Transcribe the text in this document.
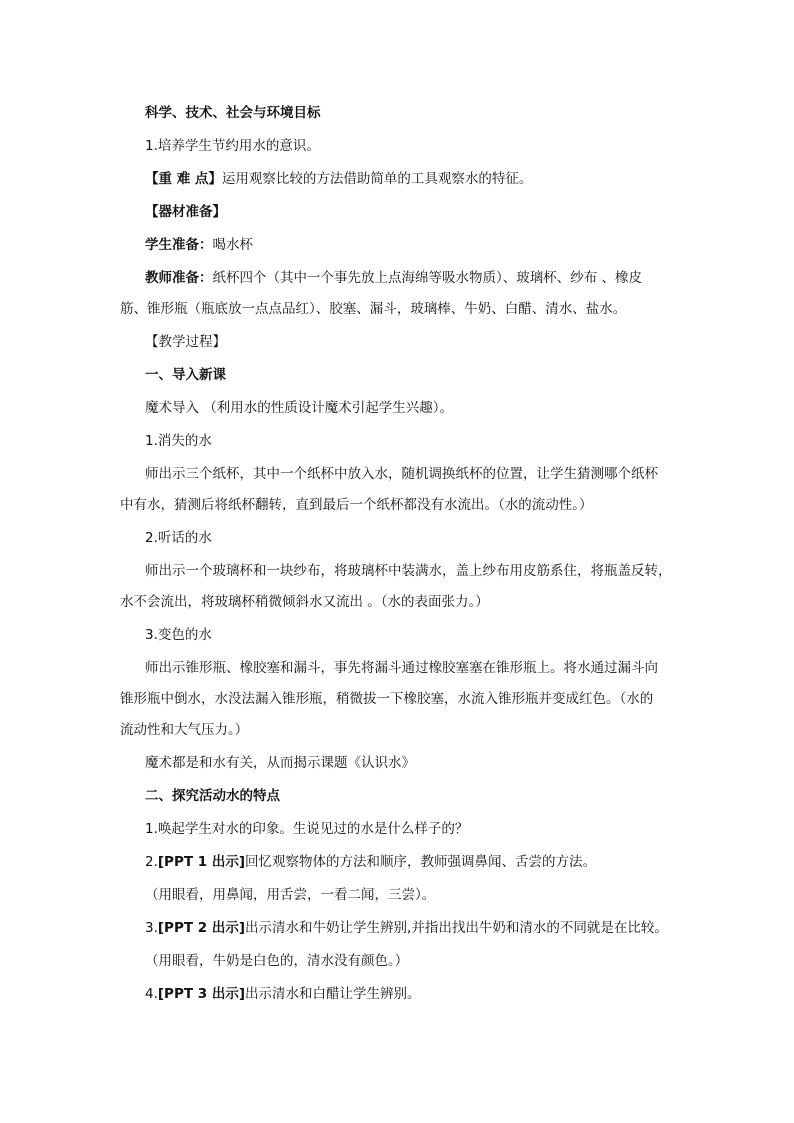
科学、技术、社会与环境目标
1.培养学生节约用水的意识。
【重 难 点】运用观察比较的方法借助简单的工具观察水的特征。
【器材准备】
学生准备：喝水杯
教师准备：纸杯四个（其中一个事先放上点海绵等吸水物质）、玻璃杯、纱布 、橡皮
筋、锥形瓶（瓶底放一点点品红）、胶塞、漏斗，玻璃棒、牛奶、白醋、清水、盐水。
【教学过程】
一、导入新课
魔术导入 （利用水的性质设计魔术引起学生兴趣）。
1.消失的水
师出示三个纸杯，其中一个纸杯中放入水，随机调换纸杯的位置，让学生猜测哪个纸杯
中有水，猜测后将纸杯翻转，直到最后一个纸杯都没有水流出。（水的流动性。）
2.听话的水
师出示一个玻璃杯和一块纱布，将玻璃杯中装满水，盖上纱布用皮筋系住，将瓶盖反转，
水不会流出，将玻璃杯稍微倾斜水又流出 。（水的表面张力。）
3.变色的水
师出示锥形瓶、橡胶塞和漏斗，事先将漏斗通过橡胶塞塞在锥形瓶上。将水通过漏斗向
锥形瓶中倒水，水没法漏入锥形瓶，稍微拔一下橡胶塞，水流入锥形瓶并变成红色。（水的
流动性和大气压力。）
魔术都是和水有关，从而揭示课题《认识水》
二、探究活动水的特点
1.唤起学生对水的印象。生说见过的水是什么样子的？
2.[PPT 1 出示]回忆观察物体的方法和顺序，教师强调鼻闻、舌尝的方法。
（用眼看，用鼻闻，用舌尝，一看二闻，三尝）。
3.[PPT 2 出示]出示清水和牛奶让学生辨别,并指出找出牛奶和清水的不同就是在比较。
（用眼看，牛奶是白色的，清水没有颜色。）
4.[PPT 3 出示]出示清水和白醋让学生辨别。
